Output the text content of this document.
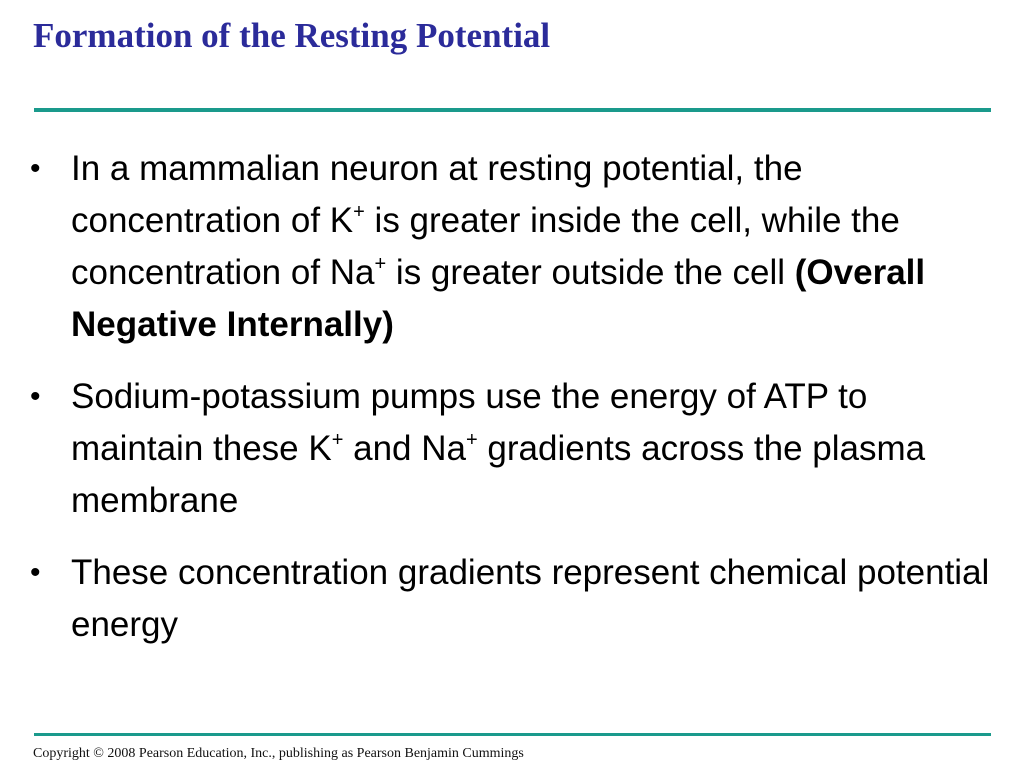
Formation of the Resting Potential
• In a mammalian neuron at resting potential, the concentration of K+ is greater inside the cell, while the concentration of Na+ is greater outside the cell (Overall Negative Internally)
• Sodium-potassium pumps use the energy of ATP to maintain these K+ and Na+ gradients across the plasma membrane
• These concentration gradients represent chemical potential energy
Copyright © 2008 Pearson Education, Inc., publishing as Pearson Benjamin Cummings
